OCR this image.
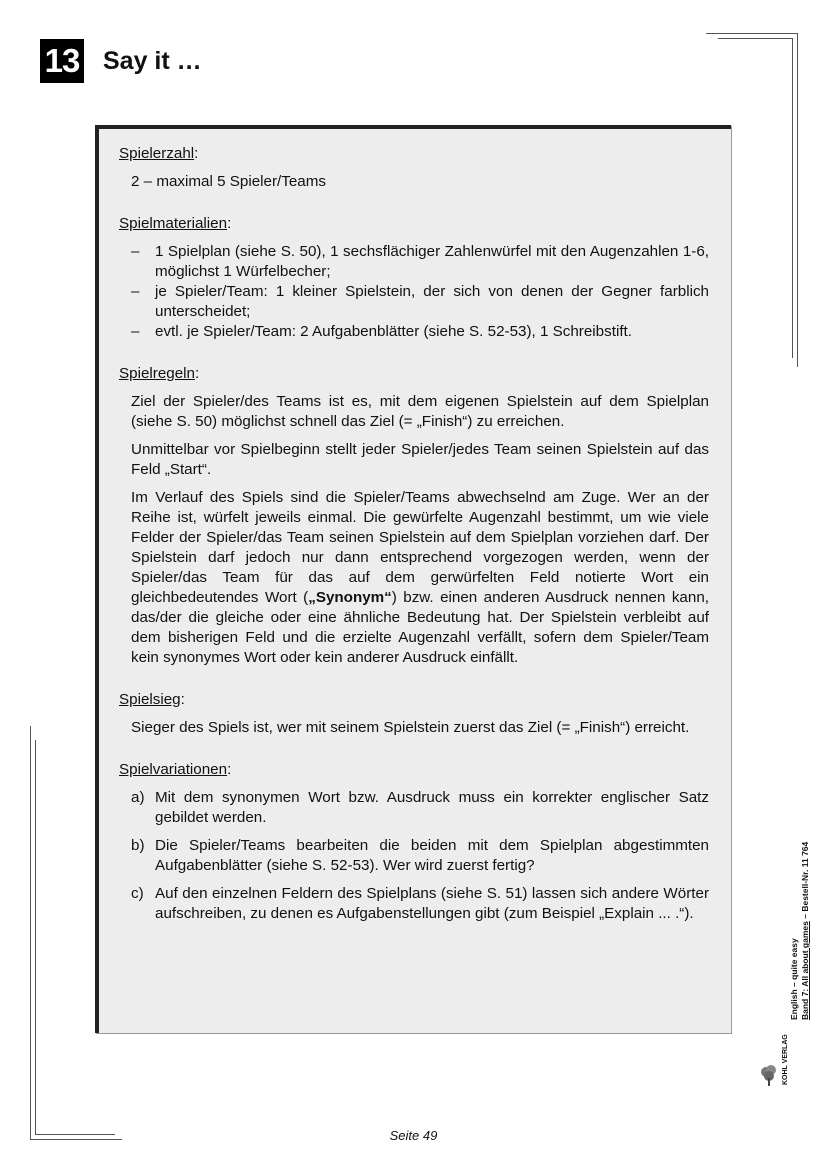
13 Say it …

Spielerzahl:

2 – maximal 5 Spieler/Teams

Spielmaterialien:

– 1 Spielplan (siehe S. 50), 1 sechsflächiger Zahlenwürfel mit den Augenzahlen 1-6, möglichst 1 Würfelbecher;
– je Spieler/Team: 1 kleiner Spielstein, der sich von denen der Gegner farblich unterscheidet;
– evtl. je Spieler/Team: 2 Aufgabenblätter (siehe S. 52-53), 1 Schreibstift.

Spielregeln:

Ziel der Spieler/des Teams ist es, mit dem eigenen Spielstein auf dem Spielplan (siehe S. 50) möglichst schnell das Ziel (= „Finish“) zu erreichen.

Unmittelbar vor Spielbeginn stellt jeder Spieler/jedes Team seinen Spielstein auf das Feld „Start“.

Im Verlauf des Spiels sind die Spieler/Teams abwechselnd am Zuge. Wer an der Reihe ist, würfelt jeweils einmal. Die gewürfelte Augenzahl bestimmt, um wie viele Felder der Spieler/das Team seinen Spielstein auf dem Spielplan vorziehen darf. Der Spielstein darf jedoch nur dann entsprechend vorgezogen werden, wenn der Spieler/das Team für das auf dem gerwürfelten Feld notierte Wort ein gleichbedeutendes Wort („Synonym“) bzw. einen anderen Ausdruck nennen kann, das/der die gleiche oder eine ähnliche Bedeutung hat. Der Spielstein verbleibt auf dem bisherigen Feld und die erzielte Augenzahl verfällt, sofern dem Spieler/Team kein synonymes Wort oder kein anderer Ausdruck einfällt.

Spielsieg:

Sieger des Spiels ist, wer mit seinem Spielstein zuerst das Ziel (= „Finish“) erreicht.

Spielvariationen:

a) Mit dem synonymen Wort bzw. Ausdruck muss ein korrekter englischer Satz gebildet werden.
b) Die Spieler/Teams bearbeiten die beiden mit dem Spielplan abgestimmten Aufgabenblätter (siehe S. 52-53). Wer wird zuerst fertig?
c) Auf den einzelnen Feldern des Spielplans (siehe S. 51) lassen sich andere Wörter aufschreiben, zu denen es Aufgabenstellungen gibt (zum Beispiel „Explain ... .“).
English – quite easy Band 7: All about games – Bestell-Nr. 11 764
KOHL VERLAG
Seite 49
